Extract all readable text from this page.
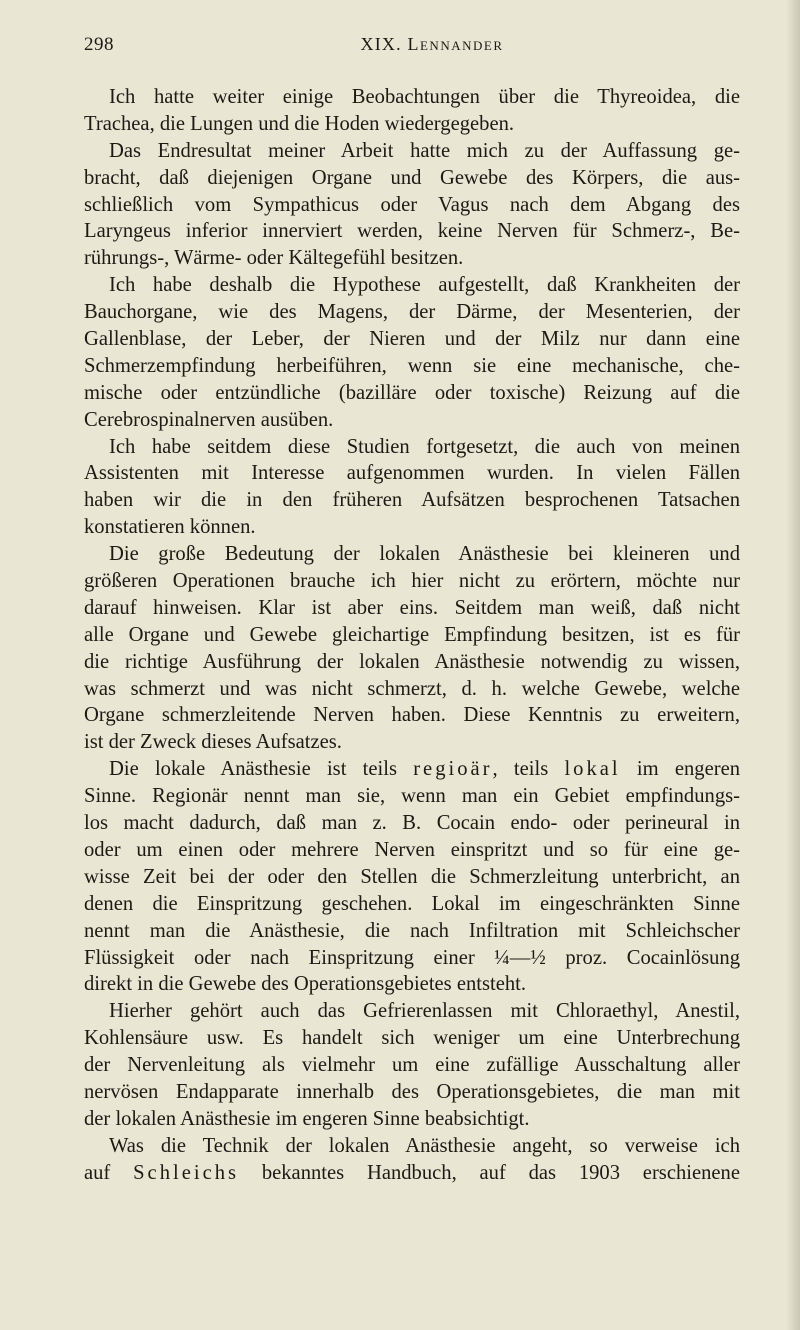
298	XIX. Lennander
Ich hatte weiter einige Beobachtungen über die Thyreoidea, die
Trachea, die Lungen und die Hoden wiedergegeben.
Das Endresultat meiner Arbeit hatte mich zu der Auffassung ge-
bracht, daß diejenigen Organe und Gewebe des Körpers, die aus-
schließlich vom Sympathicus oder Vagus nach dem Abgang des
Laryngeus inferior innerviert werden, keine Nerven für Schmerz-, Be-
rührungs-, Wärme- oder Kältegefühl besitzen.
Ich habe deshalb die Hypothese aufgestellt, daß Krankheiten der
Bauchorgane, wie des Magens, der Därme, der Mesenterien, der
Gallenblase, der Leber, der Nieren und der Milz nur dann eine
Schmerzempfindung herbeiführen, wenn sie eine mechanische, che-
mische oder entzündliche (bazilläre oder toxische) Reizung auf die
Cerebrospinalnerven ausüben.
Ich habe seitdem diese Studien fortgesetzt, die auch von meinen
Assistenten mit Interesse aufgenommen wurden. In vielen Fällen
haben wir die in den früheren Aufsätzen besprochenen Tatsachen
konstatieren können.
Die große Bedeutung der lokalen Anästhesie bei kleineren und
größeren Operationen brauche ich hier nicht zu erörtern, möchte nur
darauf hinweisen. Klar ist aber eins. Seitdem man weiß, daß nicht
alle Organe und Gewebe gleichartige Empfindung besitzen, ist es für
die richtige Ausführung der lokalen Anästhesie notwendig zu wissen,
was schmerzt und was nicht schmerzt, d. h. welche Gewebe, welche
Organe schmerzleitende Nerven haben. Diese Kenntnis zu erweitern,
ist der Zweck dieses Aufsatzes.
Die lokale Anästhesie ist teils regioär, teils lokal im engeren
Sinne. Regionär nennt man sie, wenn man ein Gebiet empfindungs-
los macht dadurch, daß man z. B. Cocain endo- oder perineural in
oder um einen oder mehrere Nerven einspritzt und so für eine ge-
wisse Zeit bei der oder den Stellen die Schmerzleitung unterbricht, an
denen die Einspritzung geschehen. Lokal im eingeschränkten Sinne
nennt man die Anästhesie, die nach Infiltration mit Schleichscher
Flüssigkeit oder nach Einspritzung einer ¼—½ proz. Cocainlösung
direkt in die Gewebe des Operationsgebietes entsteht.
Hierher gehört auch das Gefrierenlassen mit Chloraethyl, Anestil,
Kohlensäure usw. Es handelt sich weniger um eine Unterbrechung
der Nervenleitung als vielmehr um eine zufällige Ausschaltung aller
nervösen Endapparate innerhalb des Operationsgebietes, die man mit
der lokalen Anästhesie im engeren Sinne beabsichtigt.
Was die Technik der lokalen Anästhesie angeht, so verweise ich
auf Schleichs bekanntes Handbuch, auf das 1903 erschienene
